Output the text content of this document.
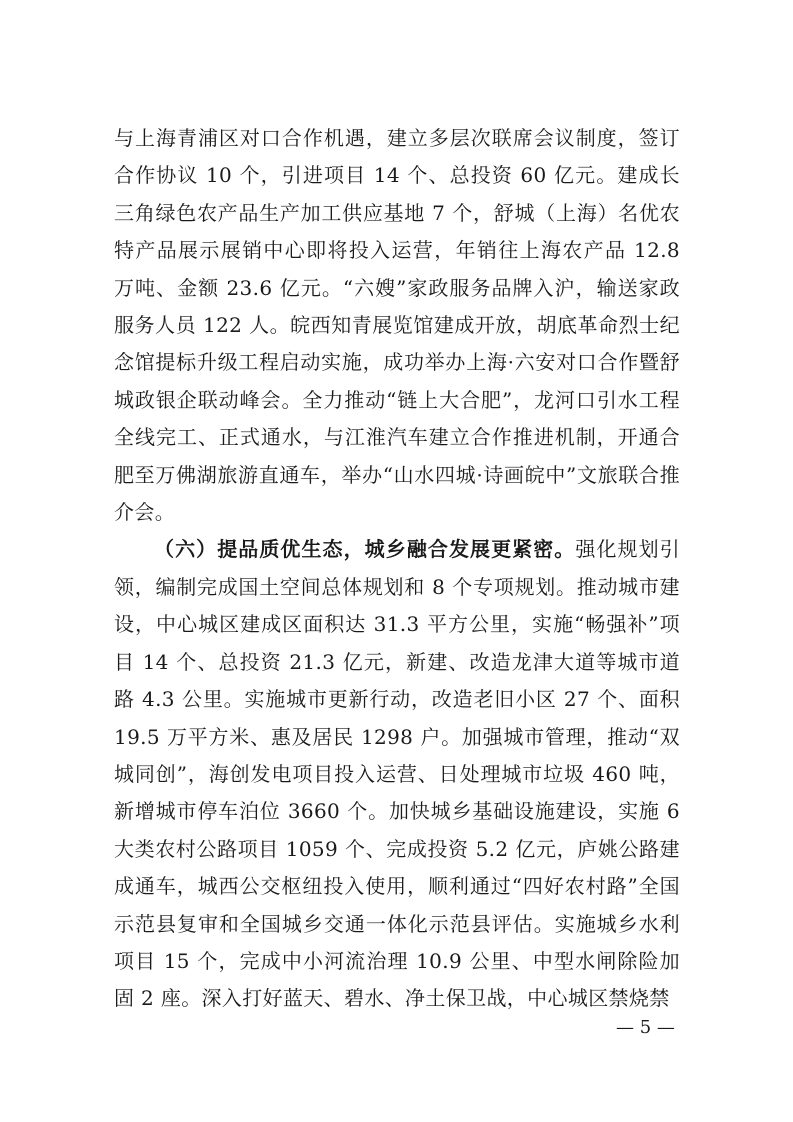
与上海青浦区对口合作机遇，建立多层次联席会议制度，签订合作协议 10 个，引进项目 14 个、总投资 60 亿元。建成长三角绿色农产品生产加工供应基地 7 个，舒城（上海）名优农特产品展示展销中心即将投入运营，年销往上海农产品 12.8 万吨、金额 23.6 亿元。“六嫂”家政服务品牌入沪，输送家政服务人员 122 人。皖西知青展览馆建成开放，胡底革命烈士纪念馆提标升级工程启动实施，成功举办上海·六安对口合作暨舒城政银企联动峰会。全力推动“链上大合肥”，龙河口引水工程全线完工、正式通水，与江淮汽车建立合作推进机制，开通合肥至万佛湖旅游直通车，举办“山水四城·诗画皖中”文旅联合推介会。

（六）提品质优生态，城乡融合发展更紧密。强化规划引领，编制完成国土空间总体规划和 8 个专项规划。推动城市建设，中心城区建成区面积达 31.3 平方公里，实施“畅强补”项目 14 个、总投资 21.3 亿元，新建、改造龙津大道等城市道路 4.3 公里。实施城市更新行动，改造老旧小区 27 个、面积 19.5 万平方米、惠及居民 1298 户。加强城市管理，推动“双城同创”，海创发电项目投入运营、日处理城市垃圾 460 吨，新增城市停车泊位 3660 个。加快城乡基础设施建设，实施 6 大类农村公路项目 1059 个、完成投资 5.2 亿元，庐姚公路建成通车，城西公交枢纽投入使用，顺利通过“四好农村路”全国示范县复审和全国城乡交通一体化示范县评估。实施城乡水利项目 15 个，完成中小河流治理 10.9 公里、中型水闸除险加固 2 座。深入打好蓝天、碧水、净土保卫战，中心城区禁烧禁

— 5 —
